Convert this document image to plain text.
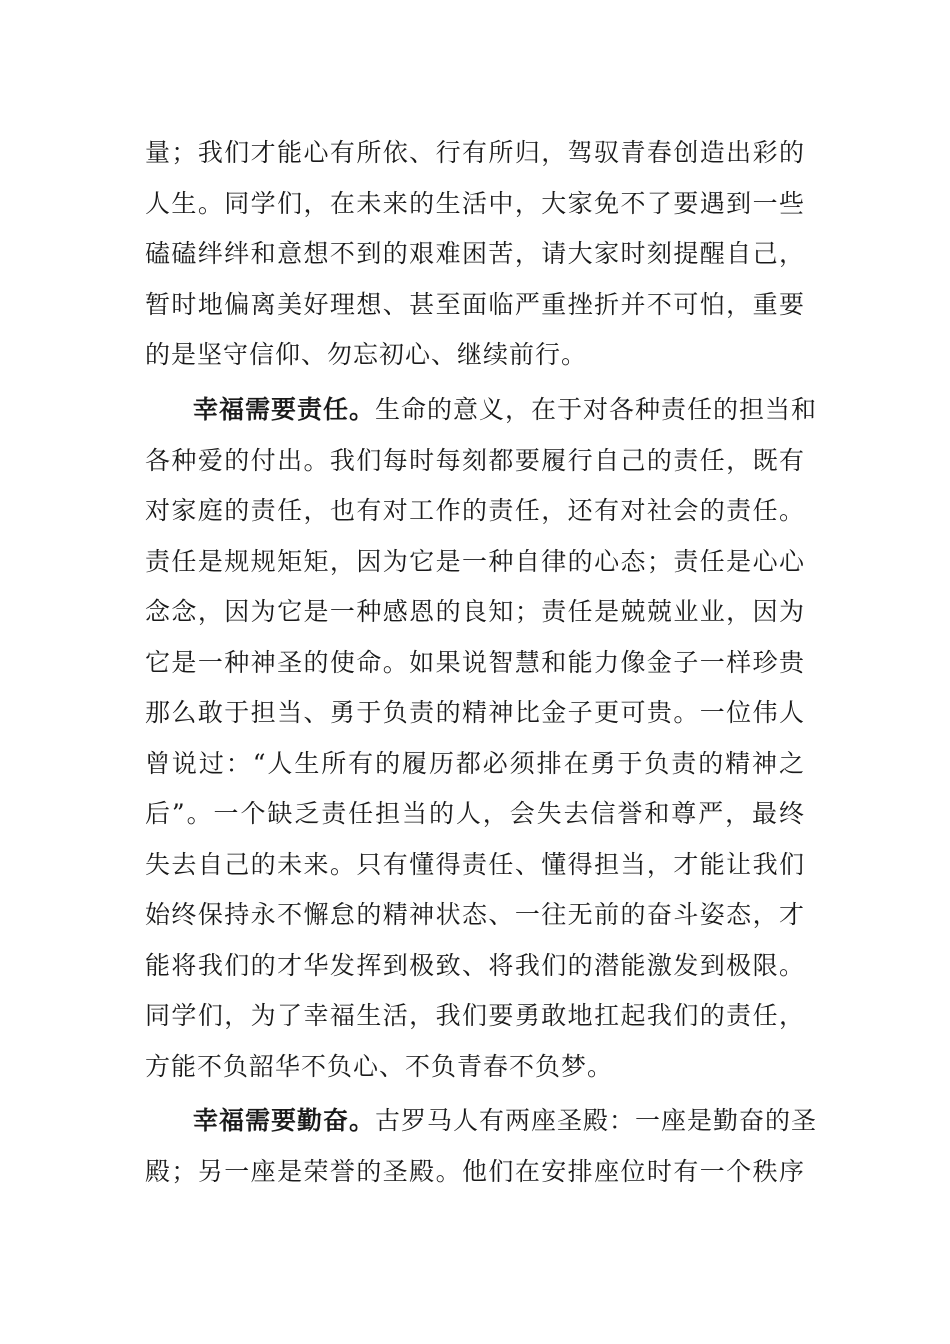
量；我们才能心有所依、行有所归，驾驭青春创造出彩的
人生。同学们，在未来的生活中，大家免不了要遇到一些
磕磕绊绊和意想不到的艰难困苦，请大家时刻提醒自己，
暂时地偏离美好理想、甚至面临严重挫折并不可怕，重要
的是坚守信仰、勿忘初心、继续前行。
幸福需要责任。生命的意义，在于对各种责任的担当和
各种爱的付出。我们每时每刻都要履行自己的责任，既有
对家庭的责任，也有对工作的责任，还有对社会的责任。
责任是规规矩矩，因为它是一种自律的心态；责任是心心
念念，因为它是一种感恩的良知；责任是兢兢业业，因为
它是一种神圣的使命。如果说智慧和能力像金子一样珍贵
那么敢于担当、勇于负责的精神比金子更可贵。一位伟人
曾说过：“人生所有的履历都必须排在勇于负责的精神之
后”。一个缺乏责任担当的人，会失去信誉和尊严，最终
失去自己的未来。只有懂得责任、懂得担当，才能让我们
始终保持永不懈怠的精神状态、一往无前的奋斗姿态，才
能将我们的才华发挥到极致、将我们的潜能激发到极限。
同学们，为了幸福生活，我们要勇敢地扛起我们的责任，
方能不负韶华不负心、不负青春不负梦。
幸福需要勤奋。古罗马人有两座圣殿：一座是勤奋的圣
殿；另一座是荣誉的圣殿。他们在安排座位时有一个秩序
